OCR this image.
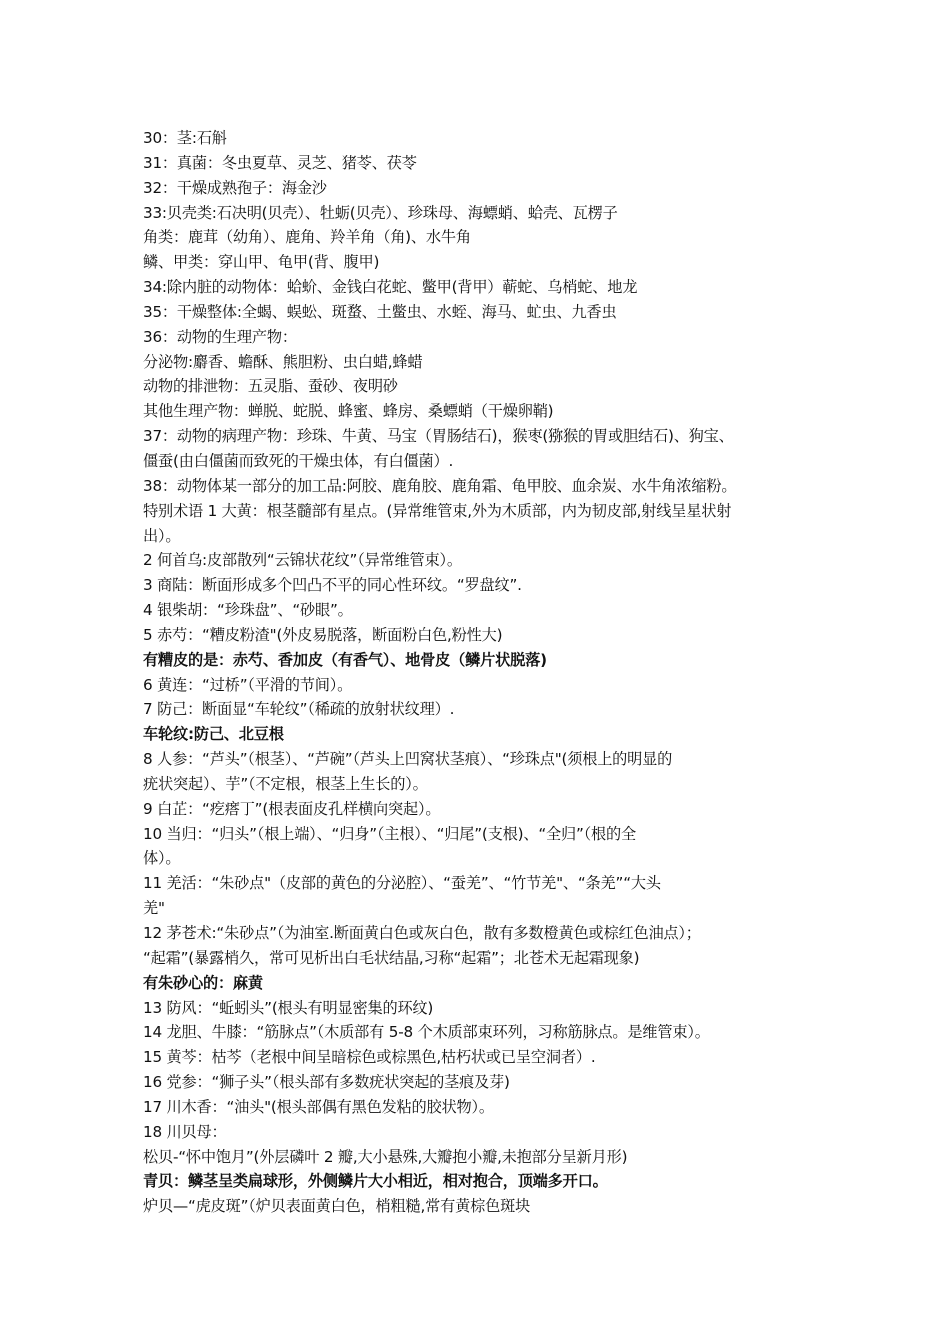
30：茎:石斛
31：真菌：冬虫夏草、灵芝、猪苓、茯苓
32：干燥成熟孢子：海金沙
33:贝壳类:石决明(贝壳）、牡蛎(贝壳）、珍珠母、海螵蛸、蛤壳、瓦楞子
角类：鹿茸（幼角）、鹿角、羚羊角（角)、水牛角
鳞、甲类：穿山甲、龟甲(背、腹甲)
34:除内脏的动物体：蛤蚧、金钱白花蛇、鳖甲(背甲）蕲蛇、乌梢蛇、地龙
35：干燥整体:全蝎、蜈蚣、斑蝥、土鳖虫、水蛭、海马、虻虫、九香虫
36：动物的生理产物：
分泌物:麝香、蟾酥、熊胆粉、虫白蜡,蜂蜡
动物的排泄物：五灵脂、蚕砂、夜明砂
其他生理产物：蝉脱、蛇脱、蜂蜜、蜂房、桑螵蛸（干燥卵鞘)
37：动物的病理产物：珍珠、牛黄、马宝（胃肠结石)，猴枣(猕猴的胃或胆结石)、狗宝、
僵蚕(由白僵菌而致死的干燥虫体，有白僵菌）.
38：动物体某一部分的加工品:阿胶、鹿角胶、鹿角霜、龟甲胶、血余炭、水牛角浓缩粉。
特别术语 1 大黄：根茎髓部有星点。(异常维管束,外为木质部，内为韧皮部,射线呈星状射
出）。
2 何首乌:皮部散列“云锦状花纹”（异常维管束）。
3 商陆：断面形成多个凹凸不平的同心性环纹。“罗盘纹”.
4 银柴胡：“珍珠盘”、“砂眼”。
5 赤芍：“糟皮粉渣"(外皮易脱落，断面粉白色,粉性大)
有糟皮的是：赤芍、香加皮（有香气）、地骨皮（鳞片状脱落)
6 黄连：“过桥”（平滑的节间）。
7 防己：断面显“车轮纹”（稀疏的放射状纹理）.
车轮纹:防己、北豆根
8 人参：“芦头”（根茎）、“芦碗”（芦头上凹窝状茎痕）、“珍珠点"(须根上的明显的
疣状突起）、芋”（不定根，根茎上生长的）。
9 白芷：“疙瘩丁”(根表面皮孔样横向突起）。
10 当归：“归头”（根上端）、“归身”（主根）、“归尾”(支根)、“全归”（根的全
体）。
11 羌活：“朱砂点"（皮部的黄色的分泌腔）、“蚕羌”、“竹节羌"、“条羌”“大头
羌"
12 茅苍术:“朱砂点”（为油室.断面黄白色或灰白色，散有多数橙黄色或棕红色油点）；
“起霜”(暴露梢久，常可见析出白毛状结晶,习称“起霜”；北苍术无起霜现象)
有朱砂心的：麻黄
13 防风：“蚯蚓头”(根头有明显密集的环纹)
14 龙胆、牛膝：“筋脉点”（木质部有 5-8 个木质部束环列，习称筋脉点。是维管束）。
15 黄芩：枯芩（老根中间呈暗棕色或棕黑色,枯朽状或已呈空洞者）.
16 党参：“狮子头”（根头部有多数疣状突起的茎痕及芽)
17 川木香：“油头"(根头部偶有黑色发粘的胶状物）。
18 川贝母：
松贝-“怀中饱月”(外层磷叶 2 瓣,大小悬殊,大瓣抱小瓣,未抱部分呈新月形)
青贝：鳞茎呈类扁球形，外侧鳞片大小相近，相对抱合，顶端多开口。
炉贝—“虎皮斑”（炉贝表面黄白色，梢粗糙,常有黄棕色斑块
